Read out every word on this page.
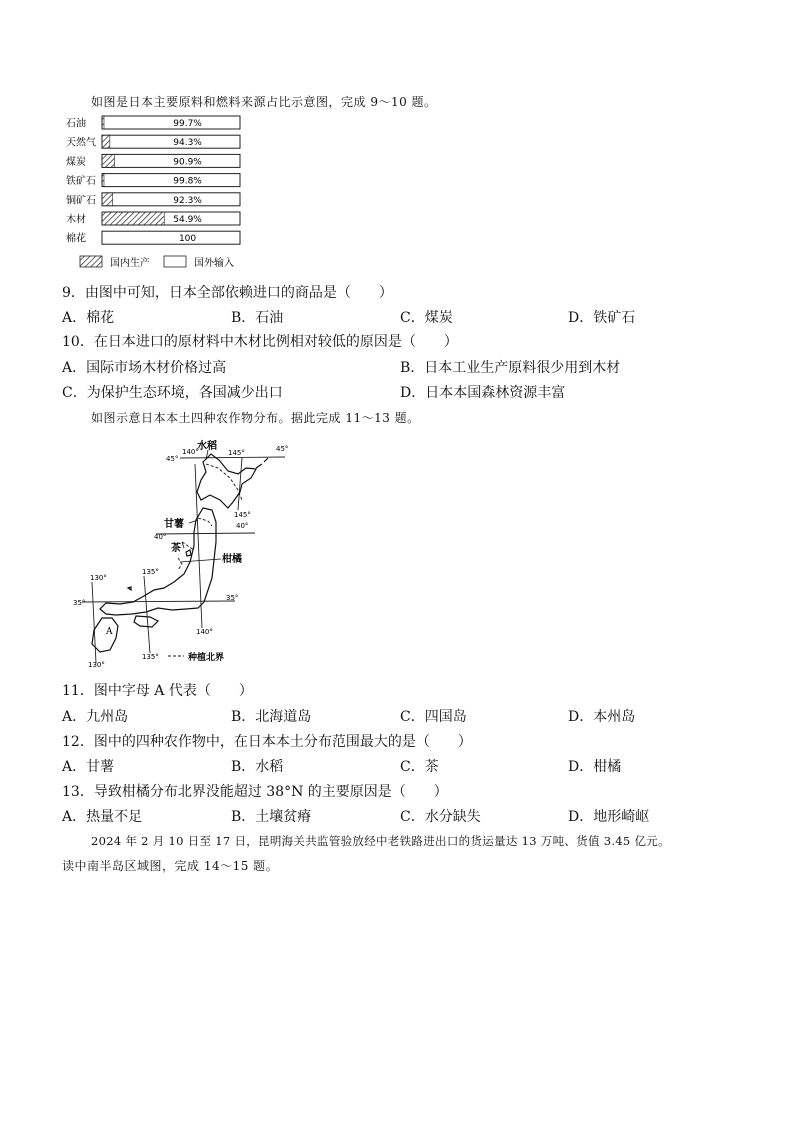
如图是日本主要原料和燃料来源占比示意图，完成 9～10 题。
石油	99.7%
天然气	94.3%
煤炭	90.9%
铁矿石	99.8%
铜矿石	92.3%
木材	54.9%
棉花	100
国内生产	国外输入
9．由图中可知，日本全部依赖进口的商品是（　　）
A．棉花	B．石油	C．煤炭	D．铁矿石
10．在日本进口的原材料中木材比例相对较低的原因是（　　）
A．国际市场木材价格过高	B．日本工业生产原料很少用到木材
C．为保护生态环境，各国减少出口	D．日本本国森林资源丰富
如图示意日本本土四种农作物分布。据此完成 11～13 题。
水稻
甘薯
茶
柑橘
45°
45°
40°
40°
35°
35°
140°	145°
145°
130°
135°
140°
135°
130°
A
种植北界
11．图中字母 A 代表（　　）
A．九州岛	B．北海道岛	C．四国岛	D．本州岛
12．图中的四种农作物中，在日本本土分布范围最大的是（　　）
A．甘薯	B．水稻	C．茶	D．柑橘
13．导致柑橘分布北界没能超过 38°N 的主要原因是（　　）
A．热量不足	B．土壤贫瘠	C．水分缺失	D．地形崎岖
2024 年 2 月 10 日至 17 日，昆明海关共监管验放经中老铁路进出口的货运量达 13 万吨、货值 3.45 亿元。
读中南半岛区域图，完成 14～15 题。
